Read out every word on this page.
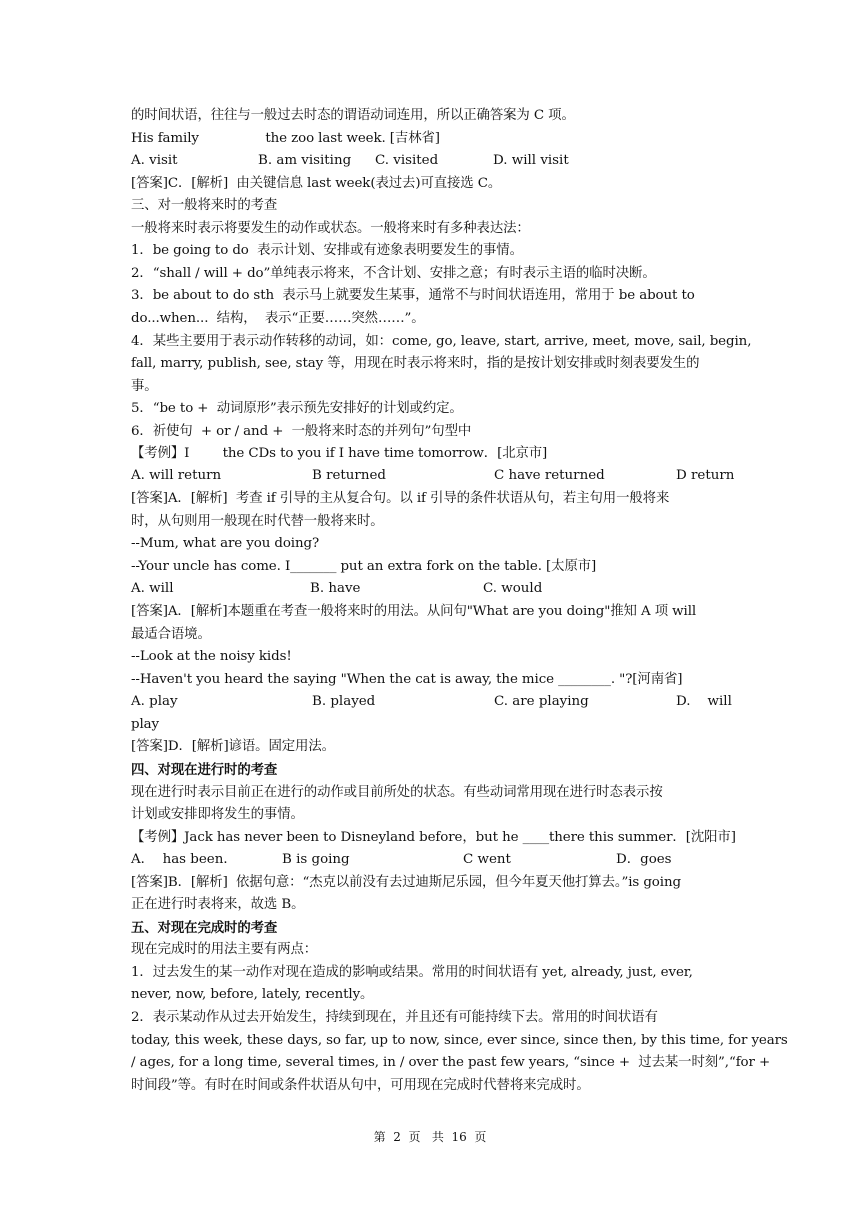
的时间状语，往往与一般过去时态的谓语动词连用，所以正确答案为 C 项。
His family                the zoo last week. [吉林省]
[答案]C．[解析]  由关键信息 last week(表过去)可直接选 C。
三、对一般将来时的考查
一般将来时表示将要发生的动作或状态。一般将来时有多种表达法：
1．be going to do  表示计划、安排或有迹象表明要发生的事情。
2．“shall / will + do”单纯表示将来，不含计划、安排之意；有时表示主语的临时决断。
3．be about to do sth  表示马上就要发生某事，通常不与时间状语连用，常用于 be about to
do...when...  结构，  表示“正要……突然……”。
4．某些主要用于表示动作转移的动词，如：come, go, leave, start, arrive, meet, move, sail, begin,
fall, marry, publish, see, stay 等，用现在时表示将来时，指的是按计划安排或时刻表要发生的
事。
5．“be to +  动词原形”表示预先安排好的计划或约定。
6．祈使句  + or / and +  一般将来时态的并列句”句型中
【考例】I        the CDs to you if I have time tomorrow．[北京市]
[答案]A．[解析]  考查 if 引导的主从复合句。以 if 引导的条件状语从句，若主句用一般将来
时，从句则用一般现在时代替一般将来时。
--Mum, what are you doing?
--Your uncle has come. I_______ put an extra fork on the table. [太原市]
[答案]A．[解析]本题重在考查一般将来时的用法。从问句"What are you doing"推知 A 项 will
最适合语境。
--Look at the noisy kids!
--Haven't you heard the saying "When the cat is away, the mice ________. "?[河南省]
play
[答案]D．[解析]谚语。固定用法。
四、对现在进行时的考查
现在进行时表示目前正在进行的动作或目前所处的状态。有些动词常用现在进行时态表示按
计划或安排即将发生的事情。
【考例】Jack has never been to Disneyland before，but he ____there this summer．[沈阳市]
[答案]B．[解析]  依据句意：“杰克以前没有去过迪斯尼乐园，但今年夏天他打算去。”is going
正在进行时表将来，故选 B。
五、对现在完成时的考查
现在完成时的用法主要有两点：
1．过去发生的某一动作对现在造成的影响或结果。常用的时间状语有 yet, already, just, ever,
never, now, before, lately, recently。
2．表示某动作从过去开始发生，持续到现在，并且还有可能持续下去。常用的时间状语有
today, this week, these days, so far, up to now, since, ever since, since then, by this time, for years
/ ages, for a long time, several times, in / over the past few years, “since +  过去某一时刻”,“for +
时间段”等。有时在时间或条件状语从句中，可用现在完成时代替将来完成时。
A. visit	B. am visiting C. visited	D. will visit
A. will return	B returned	C have returned	D return
A. will	B. have	C. would
A. play	B. played	C. are playing	D.    will
A．  has been．	B is going	C went	D．goes
第  2  页   共  16  页
